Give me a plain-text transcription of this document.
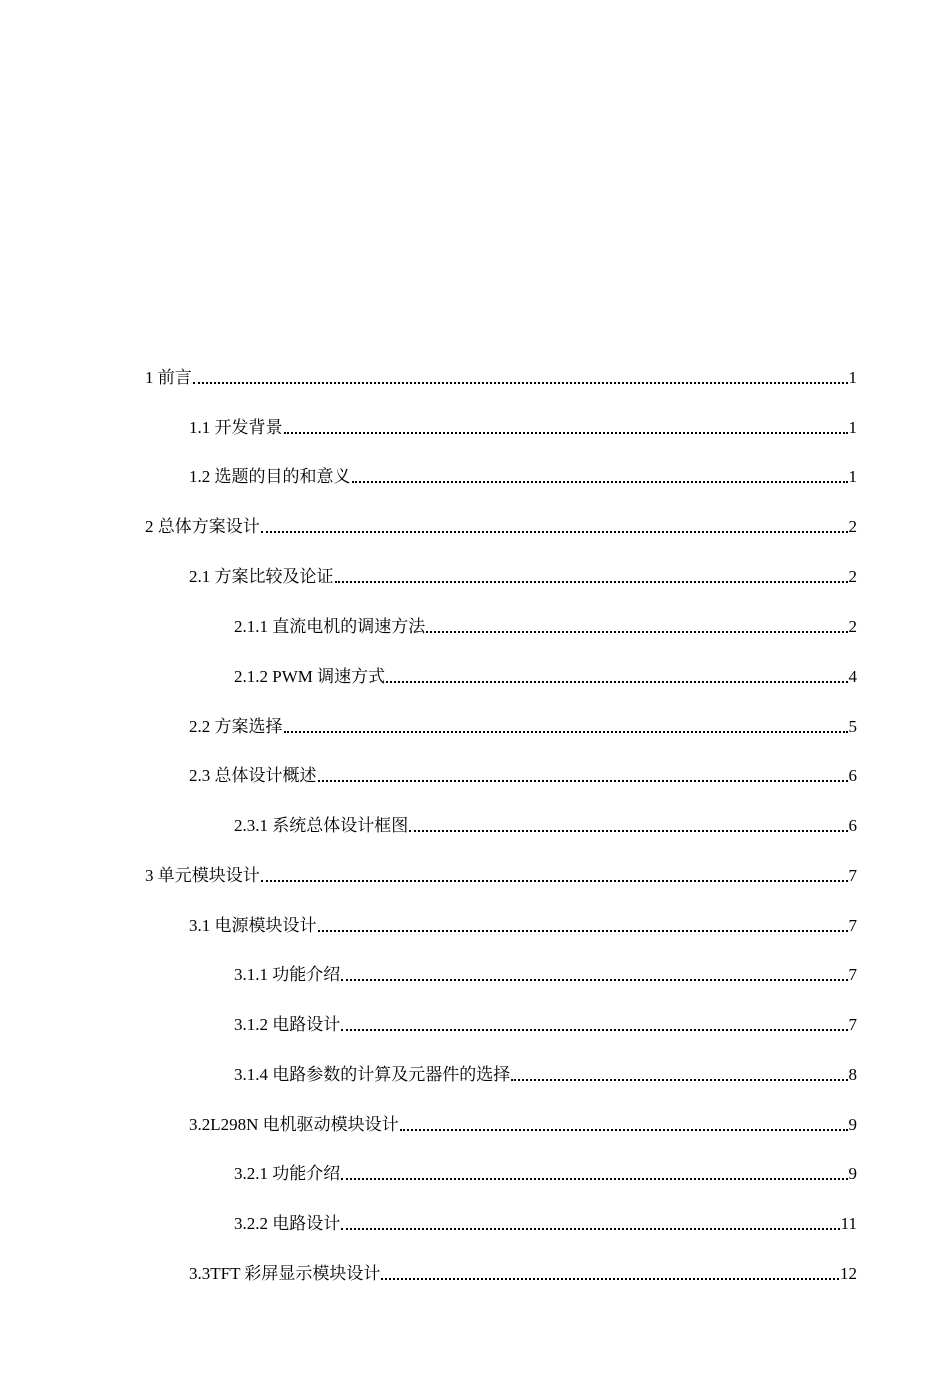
1 前言	1
1.1 开发背景	1
1.2 选题的目的和意义	1
2 总体方案设计	2
2.1 方案比较及论证	2
2.1.1 直流电机的调速方法	2
2.1.2 PWM 调速方式	4
2.2 方案选择	5
2.3 总体设计概述	6
2.3.1 系统总体设计框图	6
3 单元模块设计	7
3.1 电源模块设计	7
3.1.1 功能介绍	7
3.1.2 电路设计	7
3.1.4 电路参数的计算及元器件的选择	8
3.2L298N 电机驱动模块设计	9
3.2.1 功能介绍	9
3.2.2 电路设计	11
3.3TFT 彩屏显示模块设计	12
